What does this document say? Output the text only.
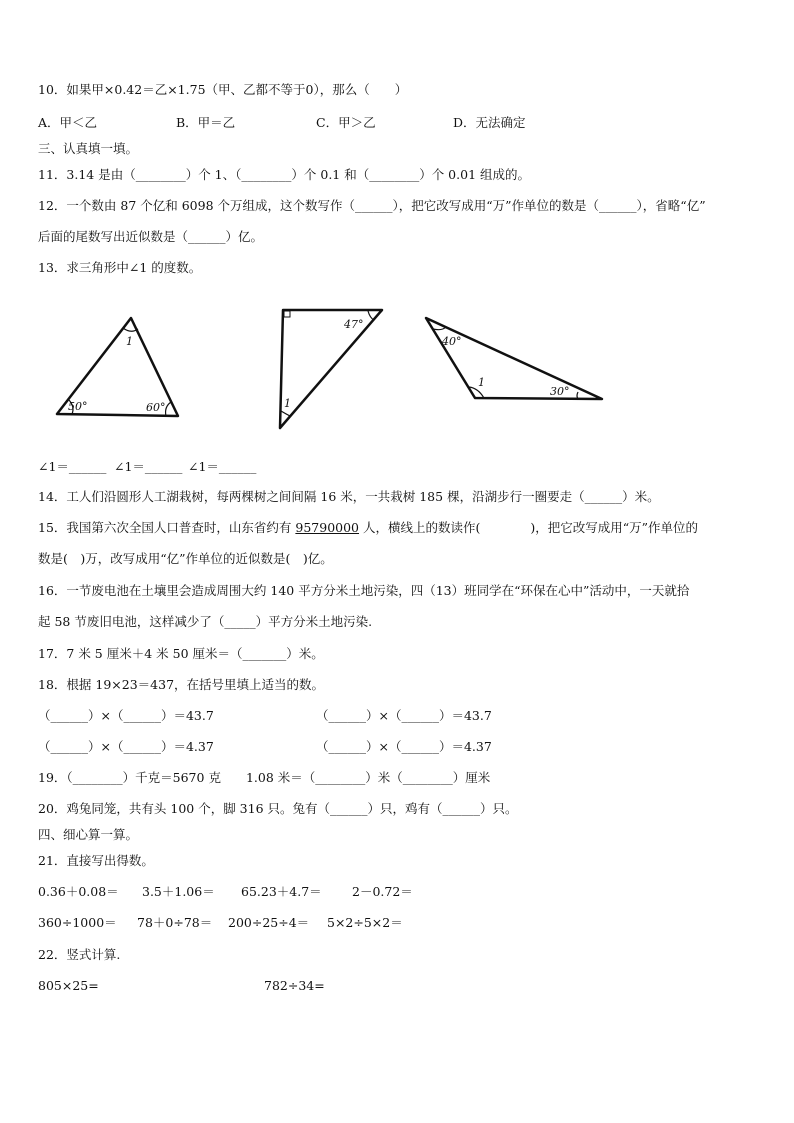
10．如果甲×0.42＝乙×1.75（甲、乙都不等于0），那么（　　）
A．甲＜乙	B．甲＝乙	C．甲＞乙	D．无法确定
三、认真填一填。
11．3.14 是由（________）个 1、（________）个 0.1 和（________）个 0.01 组成的。
12．一个数由 87 个亿和 6098 个万组成，这个数写作（______），把它改写成用“万”作单位的数是（______），省略“亿”
后面的尾数写出近似数是（______）亿。
13．求三角形中∠1 的度数。
1
50°	60°
47°
1
40°
1
30°
∠1＝______ ∠1＝______ ∠1＝______
14．工人们沿圆形人工湖栽树，每两棵树之间间隔 16 米，一共栽树 185 棵，沿湖步行一圈要走（______）米。
15．我国第六次全国人口普查时，山东省约有 95790000 人，横线上的数读作(　　　　)，把它改写成用“万”作单位的
数是(　)万，改写成用“亿”作单位的近似数是(　)亿。
16．一节废电池在土壤里会造成周围大约 140 平方分米土地污染，四（13）班同学在“环保在心中”活动中，一天就拾
起 58 节废旧电池，这样减少了（_____）平方分米土地污染.
17．7 米 5 厘米＋4 米 50 厘米＝（_______）米。
18．根据 19×23＝437，在括号里填上适当的数。
（______）×（______）＝43.7	（______）×（______）＝43.7
（______）×（______）＝4.37	（______）×（______）＝4.37
19．（________）千克＝5670 克　　1.08 米＝（________）米（________）厘米
20．鸡兔同笼，共有头 100 个，脚 316 只。兔有（______）只，鸡有（______）只。
四、细心算一算。
21．直接写出得数。
0.36＋0.08＝ 3.5＋1.06＝ 65.23＋4.7＝ 2－0.72＝
360÷1000＝ 78＋0÷78＝ 200÷25÷4＝ 5×2÷5×2＝
22．竖式计算.
805×25=	782÷34=
